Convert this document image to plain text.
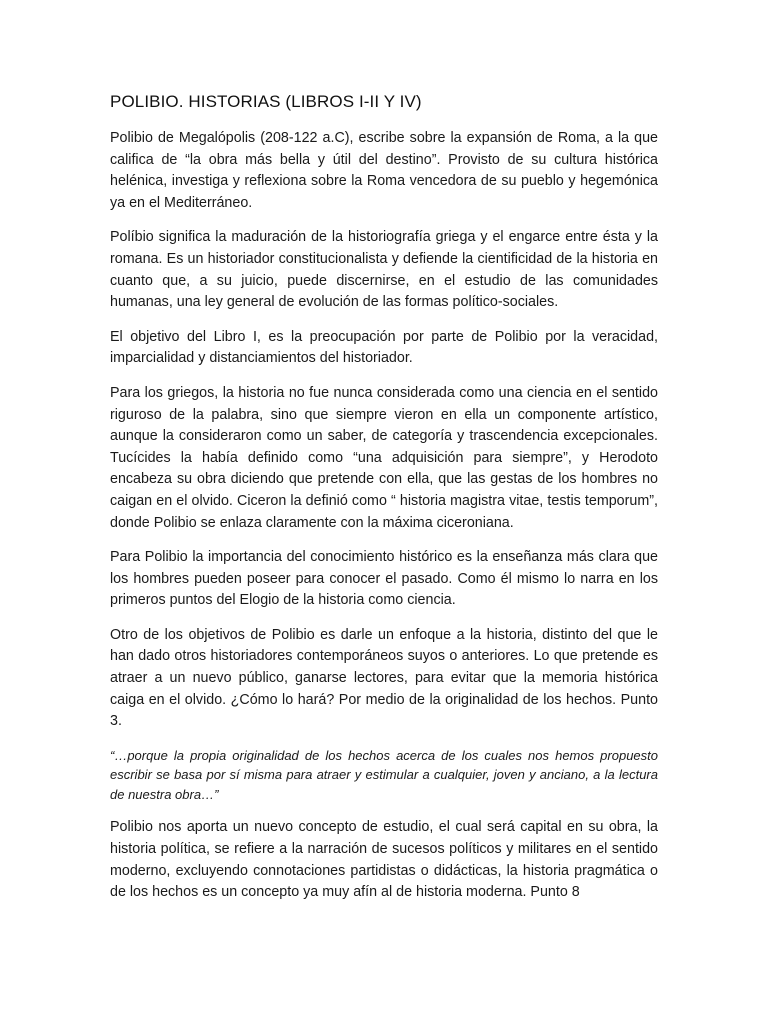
POLIBIO. HISTORIAS (LIBROS I-II Y IV)

Polibio de Megalópolis (208-122 a.C), escribe sobre la expansión de Roma, a la que califica de “la obra más bella y útil del destino”. Provisto de su cultura histórica helénica, investiga y reflexiona sobre la Roma vencedora de su pueblo y hegemónica ya en el Mediterráneo.

Políbio significa la maduración de la historiografía griega y el engarce entre ésta y la romana. Es un historiador constitucionalista y defiende la cientificidad de la historia en cuanto que, a su juicio, puede discernirse, en el estudio de las comunidades humanas, una ley general de evolución de las formas político-sociales.

El objetivo del Libro I, es la preocupación por parte de Polibio por la veracidad, imparcialidad y distanciamientos del historiador.

Para los griegos, la historia no fue nunca considerada como una ciencia en el sentido riguroso de la palabra, sino que siempre vieron en ella un componente artístico, aunque la consideraron como un saber, de categoría y trascendencia excepcionales. Tucícides la había definido como “una adquisición para siempre”, y Herodoto encabeza su obra diciendo que pretende con ella, que las gestas de los hombres no caigan en el olvido. Ciceron la definió como “ historia magistra vitae, testis temporum”, donde Polibio se enlaza claramente con la máxima ciceroniana.

Para Polibio la importancia del conocimiento histórico es la enseñanza más clara que los hombres pueden poseer para conocer el pasado. Como él mismo lo narra en los primeros puntos del Elogio de la historia como ciencia.

Otro de los objetivos de Polibio es darle un enfoque a la historia, distinto del que le han dado otros historiadores contemporáneos suyos o anteriores. Lo que pretende es atraer a un nuevo público, ganarse lectores, para evitar que la memoria histórica caiga en el olvido. ¿Cómo lo hará? Por medio de la originalidad de los hechos. Punto 3.

“…porque la propia originalidad de los hechos acerca de los cuales nos hemos propuesto escribir se basa por sí misma para atraer y estimular a cualquier, joven y anciano, a la lectura de nuestra obra…”

Polibio nos aporta un nuevo concepto de estudio, el cual será capital en su obra, la historia política, se refiere a la narración de sucesos políticos y militares en el sentido moderno, excluyendo connotaciones partidistas o didácticas, la historia pragmática o de los hechos es un concepto ya muy afín al de historia moderna. Punto 8
